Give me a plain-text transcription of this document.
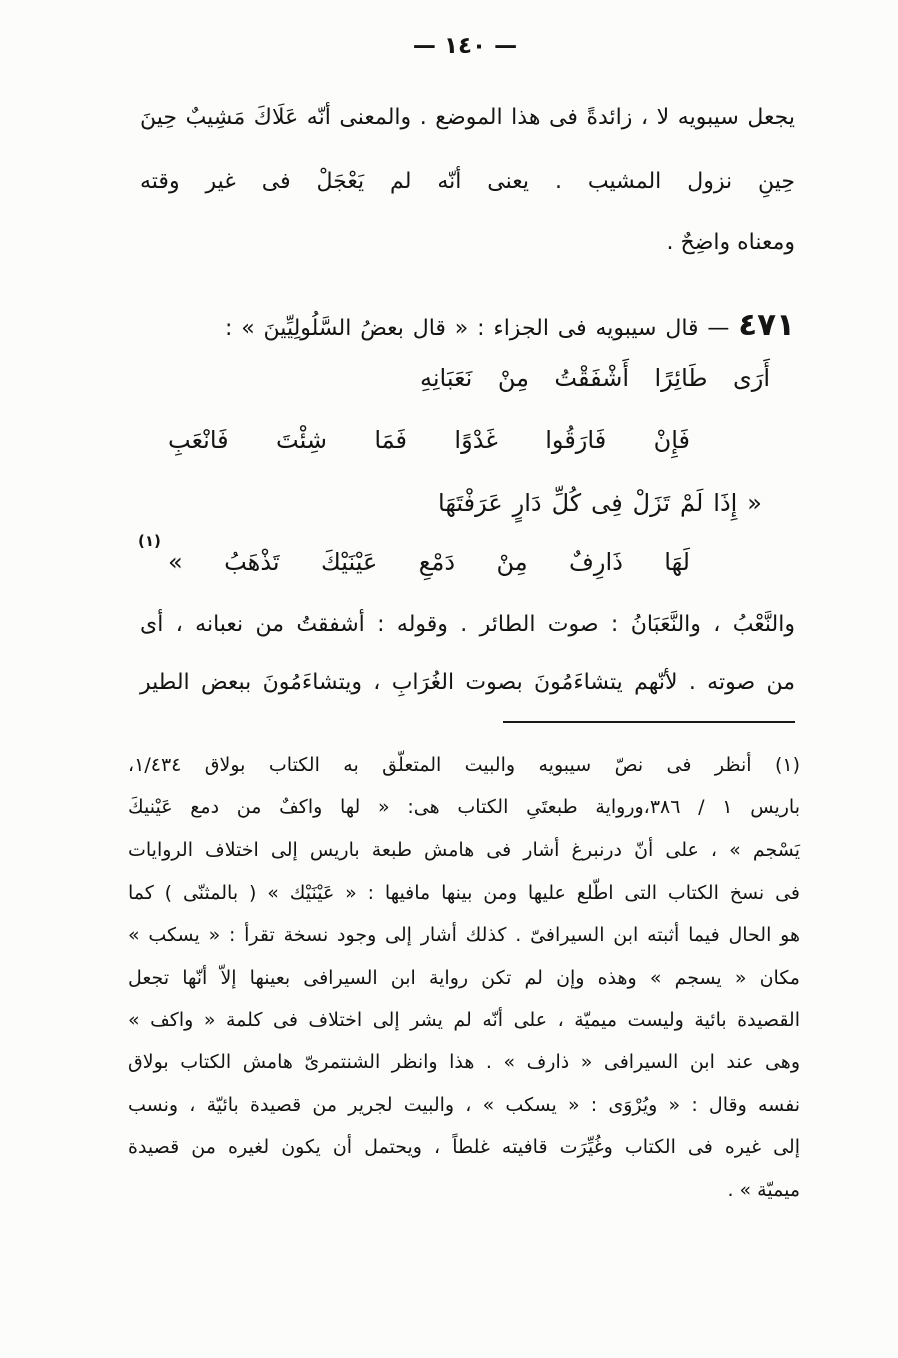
— ١٤٠ —
يجعل سيبويه لا ، زائدةً فى هذا الموضع . والمعنى أنّه عَلَاكَ مَشِيبٌ حِينَ
حِينِ نزول المشيب . يعنى أنّه لم يَعْجَلْ فى غير وقته
ومعناه واضِحٌ .
٤٧١ — قال سيبويه فى الجزاء : « قال بعضُ السَّلُولِيِّينَ » :
أَرَى طَائِرًا أَشْفَقْتُ مِنْ نَعَبَانِهِ
فَإِنْ فَارَقُوا غَدْوًا فَمَا شِئْتَ فَانْعَبِ
« إِذَا لَمْ تَزَلْ فِى كُلِّ دَارٍ عَرَفْتَهَا
لَهَا ذَارِفٌ مِنْ دَمْعِ عَيْنَيْكَ تَذْهَبُ »
(١)
والنَّعْبُ ، والنَّعَبَانُ : صوت الطائر . وقوله : أشفقتُ من نعبانه ، أى
من صوته . لأنّهم يتشاءَمُونَ بصوت الغُرَابِ ، ويتشاءَمُونَ ببعض الطير
(١) أنظر فى نصّ سيبويه والبيت المتعلّق به الكتاب بولاق ١/٤٣٤،
باريس ١ / ٣٨٦،ورواية طبعتَىِ الكتاب هى: « لها واكفٌ من دمع عَيْنيكَ
يَسْجم » ، على أنّ درنبرغ أشار فى هامش طبعة باريس إلى اختلاف الروايات
فى نسخ الكتاب التى اطّلع عليها ومن بينها مافيها : « عَيْنَيْك » ( بالمثنّى ) كما
هو الحال فيما أثبته ابن السيرافىّ . كذلك أشار إلى وجود نسخة تقرأ : « يسكب »
مكان « يسجم » وهذه وإن لم تكن رواية ابن السيرافى بعينها إلاّ أنّها تجعل
القصيدة بائية وليست ميميّة ، على أنّه لم يشر إلى اختلاف فى كلمة « واكف »
وهى عند ابن السيرافى « ذارف » . هذا وانظر الشنتمرىّ هامش الكتاب بولاق
نفسه وقال : « ويُرْوَى : « يسكب » ، والبيت لجرير من قصيدة بائيّة ، ونسب
إلى غيره فى الكتاب وغُيِّرَت قافيته غلطاً ، ويحتمل أن يكون لغيره من قصيدة
ميميّة » .
